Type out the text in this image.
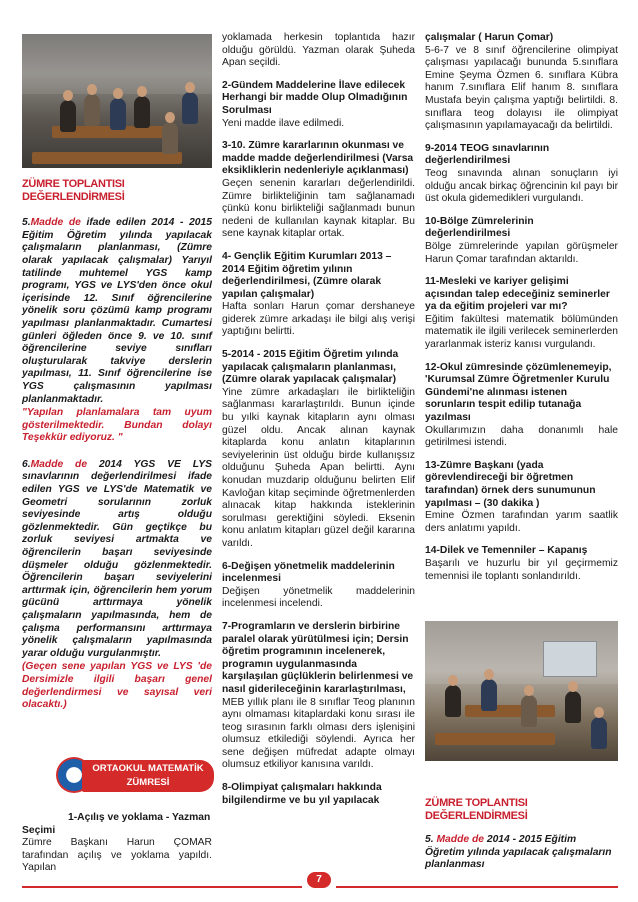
ZÜMRE TOPLANTISI DEĞERLENDİRMESİ

5.Madde de ifade edilen 2014 - 2015 Eğitim Öğretim yılında yapılacak çalışmaların planlanması, (Zümre olarak yapılacak çalışmalar) Yarıyıl tatilinde muhtemel YGS kamp programı, YGS ve LYS'den önce okul içerisinde 12. Sınıf öğrencilerine yönelik soru çözümü kamp programı yapılması planlanmaktadır. Cumartesi günleri öğleden önce 9. ve 10. sınıf öğrencilerine seviye sınıfları oluşturularak takviye derslerin yapılması, 11. Sınıf öğrencilerine ise YGS çalışmasının yapılması planlanmaktadır.

"Yapılan planlamalara tam uyum gösterilmektedir. Bundan dolayı Teşekkür ediyoruz. "

6.Madde de 2014 YGS VE LYS sınavlarının değerlendirilmesi ifade edilen YGS ve LYS'de Matematik ve Geometri sorularının zorluk seviyesinde artış olduğu gözlenmektedir. Gün geçtikçe bu zorluk seviyesi artmakta ve öğrencilerin başarı seviyesinde düşmeler olduğu gözlenmektedir. Öğrencilerin başarı seviyelerini arttırmak için, öğrencilerin hem yorum gücünü arttırmaya yönelik çalışmaların yapılmasında, hem de çalışma performansını arttırmaya yönelik çalışmaların yapılmasında yarar olduğu vurgulanmıştır.

(Geçen sene yapılan YGS ve LYS 'de Dersimizle ilgili başarı genel değerlendirmesi ve sayısal veri olacaktı.)

ORTAOKUL MATEMATİK
ZÜMRESİ

1-Açılış ve yoklama - Yazman Seçimi

Zümre Başkanı Harun ÇOMAR tarafından açılış ve yoklama yapıldı. Yapılan

yoklamada herkesin toplantıda hazır olduğu görüldü. Yazman olarak Şuheda Apan seçildi.

2-Gündem Maddelerine İlave edilecek Herhangi bir madde Olup Olmadığının Sorulması

Yeni madde ilave edilmedi.

3-10. Zümre kararlarının okunması ve madde madde değerlendirilmesi (Varsa eksikliklerin nedenleriyle açıklanması)

Geçen senenin kararları değerlendirildi. Zümre birlikteliğinin tam sağlanamadı çünkü konu birlikteliği sağlanmadı bunun nedeni de kullanılan kaynak kitaplar. Bu sene kaynak kitaplar ortak.

4- Gençlik Eğitim Kurumları 2013 – 2014 Eğitim öğretim yılının değerlendirilmesi, (Zümre olarak yapılan çalışmalar)

Hafta sonları Harun çomar dershaneye giderek zümre arkadaşı ile bilgi alış verişi yaptığını belirtti.

5-2014 - 2015 Eğitim Öğretim yılında yapılacak çalışmaların planlanması, (Zümre olarak yapılacak çalışmalar)

Yine zümre arkadaşları ile birlikteliğin sağlanması kararlaştırıldı. Bunun içinde bu yılki kaynak kitapların aynı olması güzel oldu. Ancak alınan kaynak kitaplarda konu anlatın kitaplarının seviyelerinin üst olduğu birde kullanışsız olduğunu Şuheda Apan belirtti. Aynı konudan muzdarip olduğunu belirten Elif Kavloğan kitap seçiminde öğretmenlerden alınacak kitap hakkında isteklerinin sorulması gerektiğini söyledi. Eksenin konu anlatım kitapları güzel değil kararına varıldı.

6-Değişen yönetmelik maddelerinin incelenmesi

Değişen yönetmelik maddelerinin incelenmesi incelendi.

7-Programların ve derslerin birbirine paralel olarak yürütülmesi için; Dersin öğretim programının incelenerek, programın uygulanmasında karşılaşılan güçlüklerin belirlenmesi ve nasıl giderileceğinin kararlaştırılması,

MEB yıllık planı ile 8 sınıflar Teog planının aynı olmaması kitaplardaki konu sırası ile teog sırasının farklı olması ders işlenişini olumsuz etkilediği söylendi. Ayrıca her sene değişen müfredat adapte olmayı olumsuz etkiliyor kanısına varıldı.

8-Olimpiyat çalışmaları hakkında bilgilendirme ve bu yıl yapılacak

çalışmalar ( Harun Çomar)

5-6-7 ve 8 sınıf öğrencilerine olimpiyat çalışması yapılacağı bununda 5.sınıflara Emine Şeyma Özmen 6. sınıflara Kübra hanım 7.sınıflara Elif hanım 8. sınıflara Mustafa beyin çalışma yaptığı belirtildi. 8. sınıflara teog dolayısı ile olimpiyat çalışmasının yapılamayacağı da belirtildi.

9-2014 TEOG sınavlarının değerlendirilmesi

Teog sınavında alınan sonuçların iyi olduğu ancak birkaç öğrencinin kıl payı bir üst okula gidemedikleri vurgulandı.

10-Bölge Zümrelerinin değerlendirilmesi

Bölge zümrelerinde yapılan görüşmeler Harun Çomar tarafından aktarıldı.

11-Mesleki ve kariyer gelişimi açısından talep edeceğiniz seminerler ya da eğitim projeleri var mı?

Eğitim fakültesi matematik bölümünden matematik ile ilgili verilecek seminerlerden yararlanmak isteriz kanısı vurgulandı.

12-Okul zümresinde çözümlenemeyip, 'Kurumsal Zümre Öğretmenler Kurulu Gündemi'ne alınması istenen sorunların tespit edilip tutanağa yazılması

Okullarımızın daha donanımlı hale getirilmesi istendi.

13-Zümre Başkanı (yada görevlendireceği bir öğretmen tarafından) örnek ders sunumunun yapılması – (30 dakika )

Emine Özmen tarafından yarım saatlik ders anlatımı yapıldı.

14-Dilek ve Temenniler – Kapanış

Başarılı ve huzurlu bir yıl geçirmemiz temennisi ile toplantı sonlandırıldı.

ZÜMRE TOPLANTISI DEĞERLENDİRMESİ

5. Madde de 2014 - 2015 Eğitim Öğretim yılında yapılacak çalışmaların planlanması

7
